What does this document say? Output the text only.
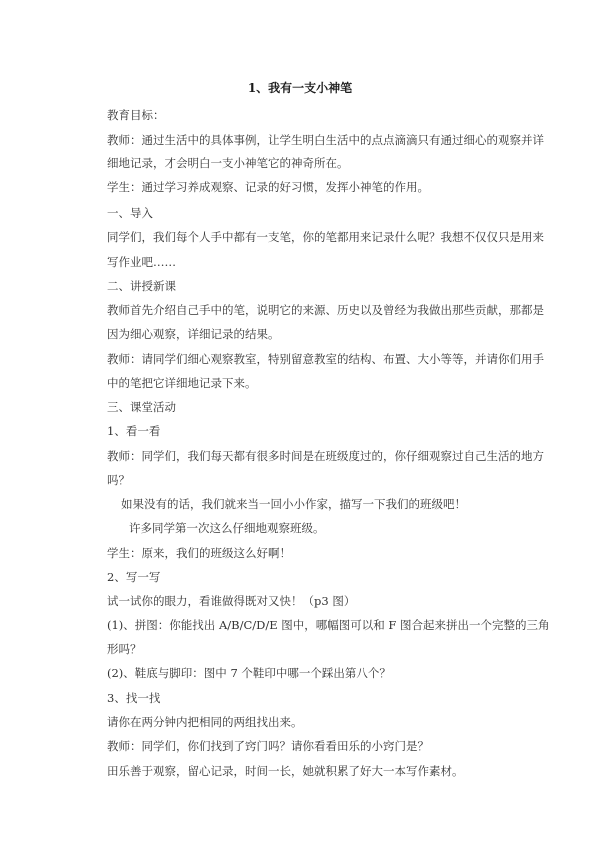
1、我有一支小神笔
教育目标：
教师：通过生活中的具体事例，让学生明白生活中的点点滴滴只有通过细心的观察并详
细地记录，才会明白一支小神笔它的神奇所在。
学生：通过学习养成观察、记录的好习惯，发挥小神笔的作用。
一、导入
同学们，我们每个人手中都有一支笔，你的笔都用来记录什么呢？我想不仅仅只是用来
写作业吧……
二、讲授新课
教师首先介绍自己手中的笔，说明它的来源、历史以及曾经为我做出那些贡献，那都是
因为细心观察，详细记录的结果。
教师：请同学们细心观察教室，特别留意教室的结构、布置、大小等等，并请你们用手
中的笔把它详细地记录下来。
三、课堂活动
1、看一看
教师：同学们，我们每天都有很多时间是在班级度过的，你仔细观察过自己生活的地方
吗？
如果没有的话，我们就来当一回小小作家，描写一下我们的班级吧！
许多同学第一次这么仔细地观察班级。
学生：原来，我们的班级这么好啊！
2、写一写
试一试你的眼力，看谁做得既对又快！（p3 图）
(1)、拼图：你能找出 A/B/C/D/E 图中，哪幅图可以和 F 图合起来拼出一个完整的三角
形吗？
(2)、鞋底与脚印：图中 7 个鞋印中哪一个踩出第八个？
3、找一找
请你在两分钟内把相同的两组找出来。
教师：同学们，你们找到了窍门吗？请你看看田乐的小窍门是？
田乐善于观察，留心记录，时间一长，她就积累了好大一本写作素材。
